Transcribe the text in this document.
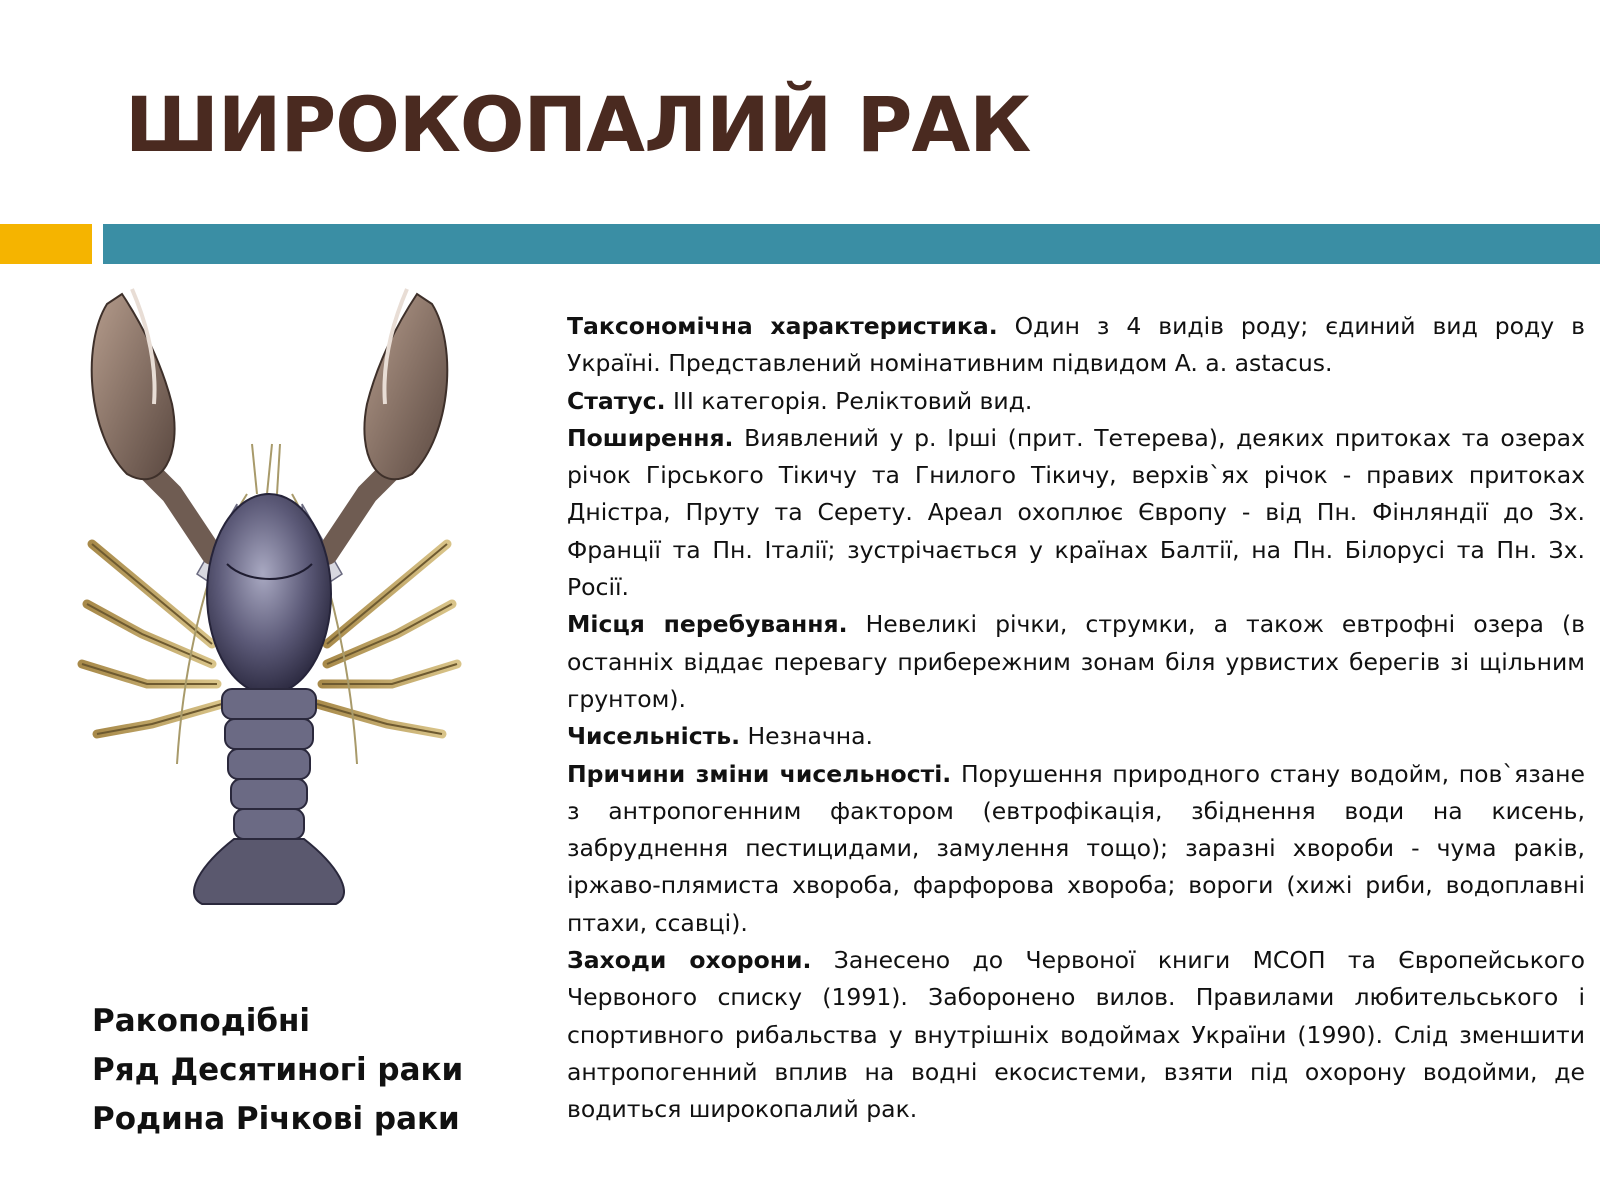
ШИРОКОПАЛИЙ РАК
Ракоподібні
Ряд Десятиногі раки
Родина Річкові раки

Таксономічна характеристика. Один з 4 видів роду; єдиний вид роду в Україні. Представлений номінативним підвидом A. a. astacus.

Статус. III категорія. Реліктовий вид.

Поширення. Виявлений у р. Ірші (прит. Тетерева), деяких притоках та озерах річок Гірського Тікичу та Гнилого Тікичу, верхів`ях річок - правих притоках Дністра, Пруту та Серету. Ареал охоплює Європу - від Пн. Фінляндії до Зх. Франції та Пн. Італії; зустрічається у країнах Балтії, на Пн. Білорусі та Пн. Зх. Росії.

Місця перебування. Невеликі річки, струмки, а також евтрофні озера (в останніх віддає перевагу прибережним зонам біля урвистих берегів зі щільним грунтом).

Чисельність. Незначна.

Причини зміни чисельності. Порушення природного стану водойм, пов`язане з антропогенним фактором (евтрофікація, збіднення води на кисень, забруднення пестицидами, замулення тощо); заразні хвороби - чума раків, іржаво-плямиста хвороба, фарфорова хвороба; вороги (хижі риби, водоплавні птахи, ссавці).

Заходи охорони. Занесено до Червоної книги МСОП та Європейського Червоного списку (1991). Заборонено вилов. Правилами любительського і спортивного рибальства у внутрішніх водоймах України (1990). Слід зменшити антропогенний вплив на водні екосистеми, взяти під охорону водойми, де водиться широкопалий рак.
